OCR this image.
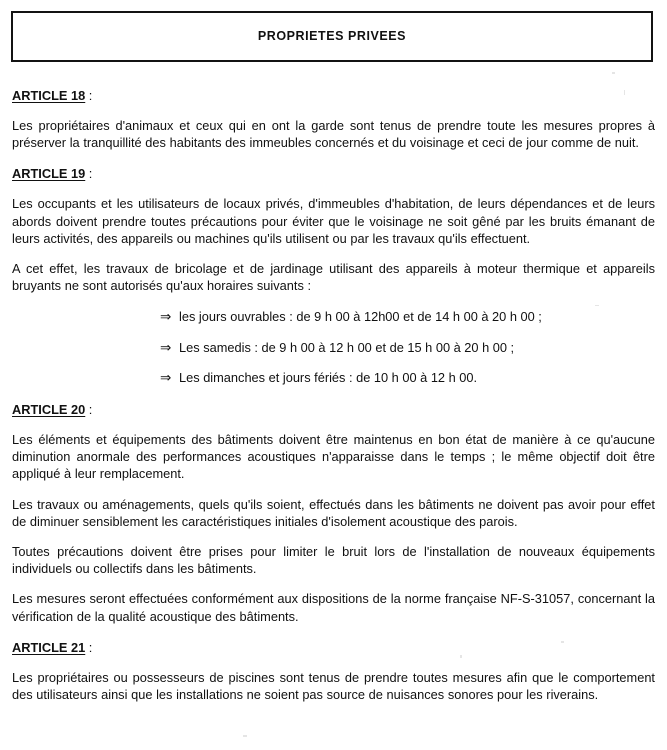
PROPRIETES PRIVEES
ARTICLE 18 :

Les propriétaires d'animaux et ceux qui en ont la garde sont tenus de prendre toute les mesures propres à préserver la tranquillité des habitants des immeubles concernés et du voisinage et ceci de jour comme de nuit.

ARTICLE 19 :

Les occupants et les utilisateurs de locaux privés, d'immeubles d'habitation, de leurs dépendances et de leurs abords doivent prendre toutes précautions pour éviter que le voisinage ne soit gêné par les bruits émanant de leurs activités, des appareils ou machines qu'ils utilisent ou par les travaux qu'ils effectuent.

A cet effet, les travaux de bricolage et de jardinage utilisant des appareils à moteur thermique et appareils bruyants ne sont autorisés qu'aux horaires suivants :

⇒ les jours ouvrables : de 9 h 00 à 12h00 et de 14 h 00 à 20 h 00 ;
⇒ Les samedis : de 9 h 00 à 12 h 00 et de 15 h 00 à 20 h 00 ;
⇒ Les dimanches et jours fériés : de 10 h 00 à 12 h 00.
ARTICLE 20 :

Les éléments et équipements des bâtiments doivent être maintenus en bon état de manière à ce qu'aucune diminution anormale des performances acoustiques n'apparaisse dans le temps ; le même objectif doit être appliqué à leur remplacement.

Les travaux ou aménagements, quels qu'ils soient, effectués dans les bâtiments ne doivent pas avoir pour effet de diminuer sensiblement les caractéristiques initiales d'isolement acoustique des parois.

Toutes précautions doivent être prises pour limiter le bruit lors de l'installation de nouveaux équipements individuels ou collectifs dans les bâtiments.

Les mesures seront effectuées conformément aux dispositions de la norme française NF-S-31057, concernant la vérification de la qualité acoustique des bâtiments.

ARTICLE 21 :

Les propriétaires ou possesseurs de piscines sont tenus de prendre toutes mesures afin que le comportement des utilisateurs ainsi que les installations ne soient pas source de nuisances sonores pour les riverains.
